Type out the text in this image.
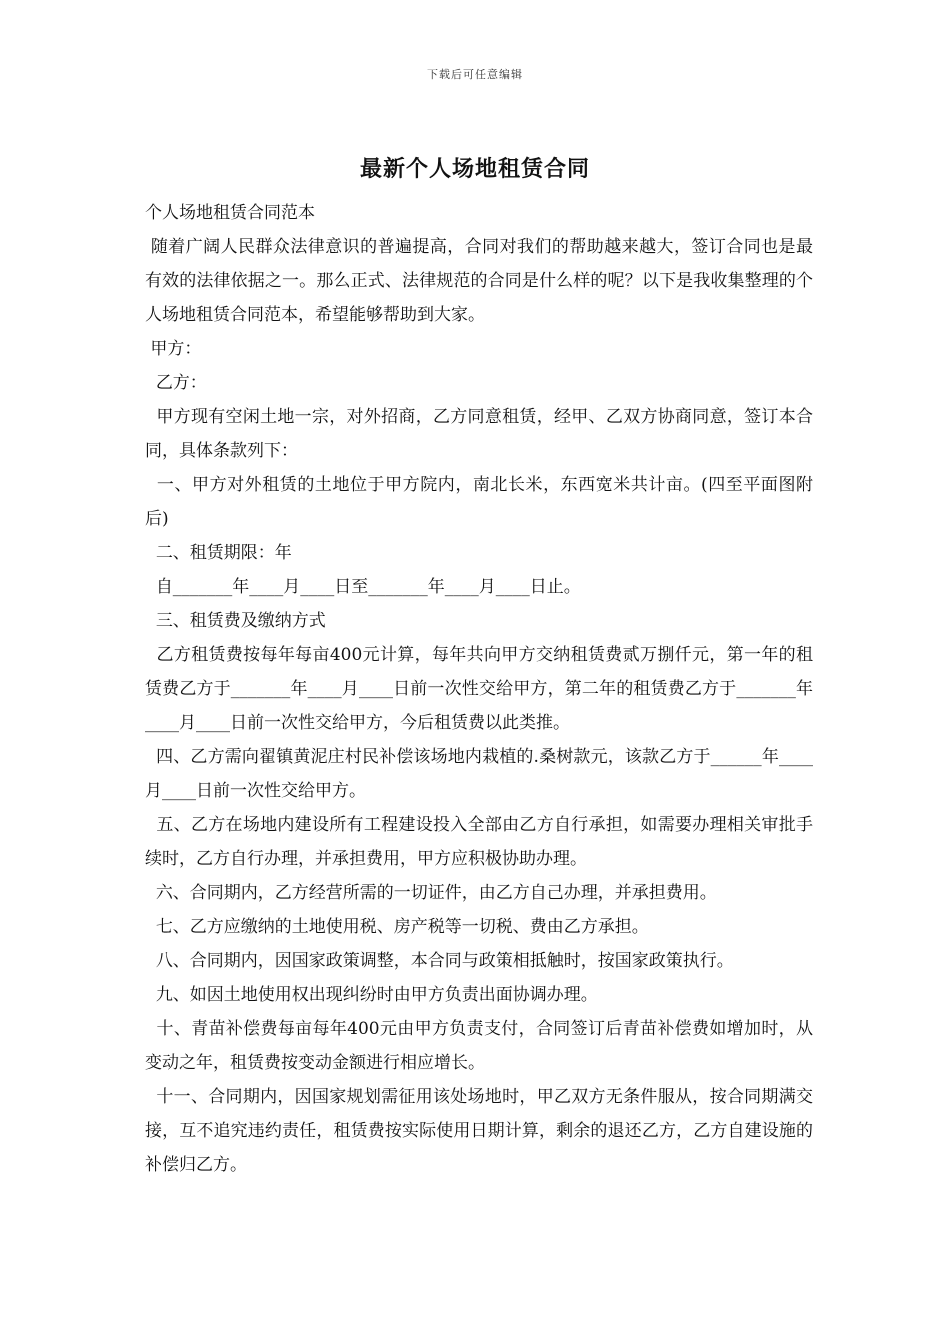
下载后可任意编辑
最新个人场地租赁合同

个人场地租赁合同范本

随着广阔人民群众法律意识的普遍提高，合同对我们的帮助越来越大，签订合同也是最有效的法律依据之一。那么正式、法律规范的合同是什么样的呢？以下是我收集整理的个人场地租赁合同范本，希望能够帮助到大家。

甲方：

乙方：

甲方现有空闲土地一宗，对外招商，乙方同意租赁，经甲、乙双方协商同意，签订本合同，具体条款列下：

一、甲方对外租赁的土地位于甲方院内，南北长米，东西宽米共计亩。(四至平面图附后)

二、租赁期限：年

自_______年____月____日至_______年____月____日止。

三、租赁费及缴纳方式

乙方租赁费按每年每亩400元计算，每年共向甲方交纳租赁费贰万捌仟元，第一年的租赁费乙方于_______年____月____日前一次性交给甲方，第二年的租赁费乙方于_______年____月____日前一次性交给甲方，今后租赁费以此类推。

四、乙方需向翟镇黄泥庄村民补偿该场地内栽植的.桑树款元，该款乙方于______年____月____日前一次性交给甲方。

五、乙方在场地内建设所有工程建设投入全部由乙方自行承担，如需要办理相关审批手续时，乙方自行办理，并承担费用，甲方应积极协助办理。

六、合同期内，乙方经营所需的一切证件，由乙方自己办理，并承担费用。

七、乙方应缴纳的土地使用税、房产税等一切税、费由乙方承担。

八、合同期内，因国家政策调整，本合同与政策相抵触时，按国家政策执行。

九、如因土地使用权出现纠纷时由甲方负责出面协调办理。

十、青苗补偿费每亩每年400元由甲方负责支付，合同签订后青苗补偿费如增加时，从变动之年，租赁费按变动金额进行相应增长。

十一、合同期内，因国家规划需征用该处场地时，甲乙双方无条件服从，按合同期满交接，互不追究违约责任，租赁费按实际使用日期计算，剩余的退还乙方，乙方自建设施的补偿归乙方。
